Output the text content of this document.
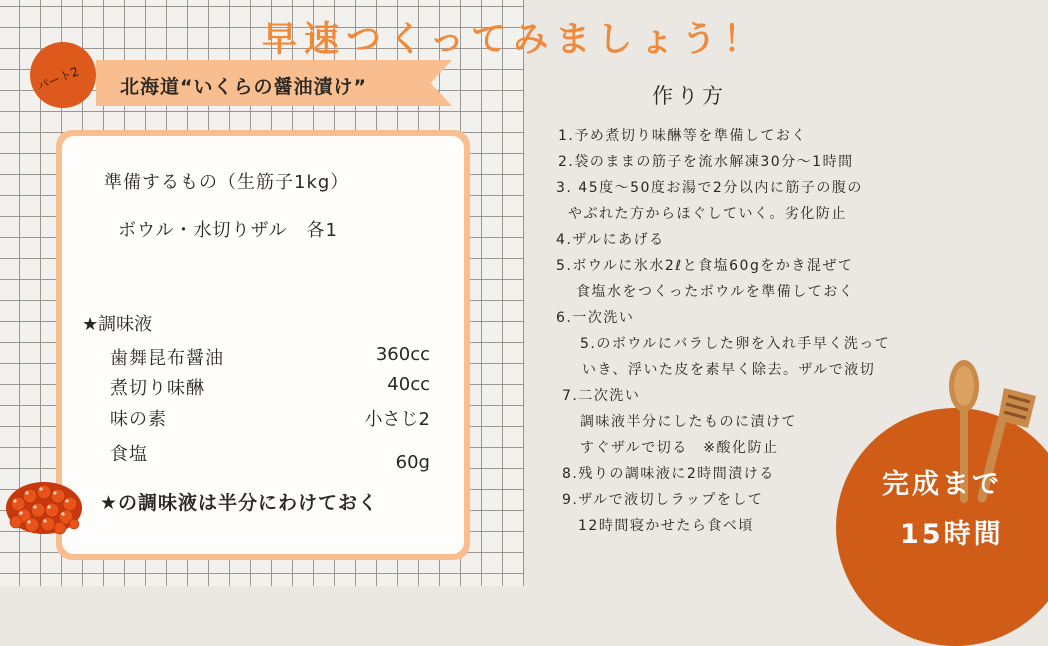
早速つくってみましょう！
パート2 北海道“いくらの醤油漬け”
準備するもの（生筋子1kg）
ボウル・水切りザル　各1
★調味液
歯舞昆布醤油	360cc
煮切り味醂	40cc
味の素	小さじ2
食塩	60g
★の調味液は半分にわけておく
作り方
1.予め煮切り味醂等を準備しておく
2.袋のままの筋子を流水解凍30分〜1時間
3. 45度〜50度お湯で2分以内に筋子の腹の
やぶれた方からほぐしていく。劣化防止
4.ザルにあげる
5.ボウルに氷水2ℓと食塩60gをかき混ぜて
食塩水をつくったボウルを準備しておく
6.一次洗い
5.のボウルにバラした卵を入れ手早く洗って
いき、浮いた皮を素早く除去。ザルで液切
7.二次洗い
調味液半分にしたものに漬けて
すぐザルで切る　※酸化防止
8.残りの調味液に2時間漬ける
9.ザルで液切しラップをして
12時間寝かせたら食べ頃
完成まで
15時間
